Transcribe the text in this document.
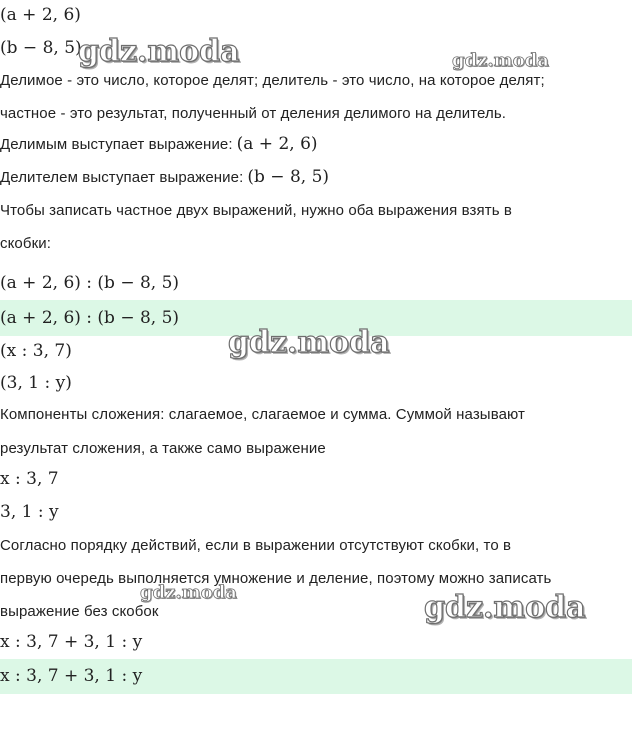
(a + 2, 6)
(b − 8, 5)
Делимое - это число, которое делят; делитель - это число, на которое делят;
частное - это результат, полученный от деления делимого на делитель.
Делимым выступает выражение: (a + 2, 6)
Делителем выступает выражение: (b − 8, 5)
Чтобы записать частное двух выражений, нужно оба выражения взять в
скобки:
(a + 2, 6) : (b − 8, 5)
(a + 2, 6) : (b − 8, 5)
(x : 3, 7)
(3, 1 : y)
Компоненты сложения: слагаемое, слагаемое и сумма. Суммой называют
результат сложения, а также само выражение
x : 3, 7
3, 1 : y
Согласно порядку действий, если в выражении отсутствуют скобки, то в
первую очередь выполняется умножение и деление, поэтому можно записать
выражение без скобок
x : 3, 7 + 3, 1 : y
x : 3, 7 + 3, 1 : y
gdz.moda	gdz.moda
gdz.moda
gdz.moda	gdz.moda
